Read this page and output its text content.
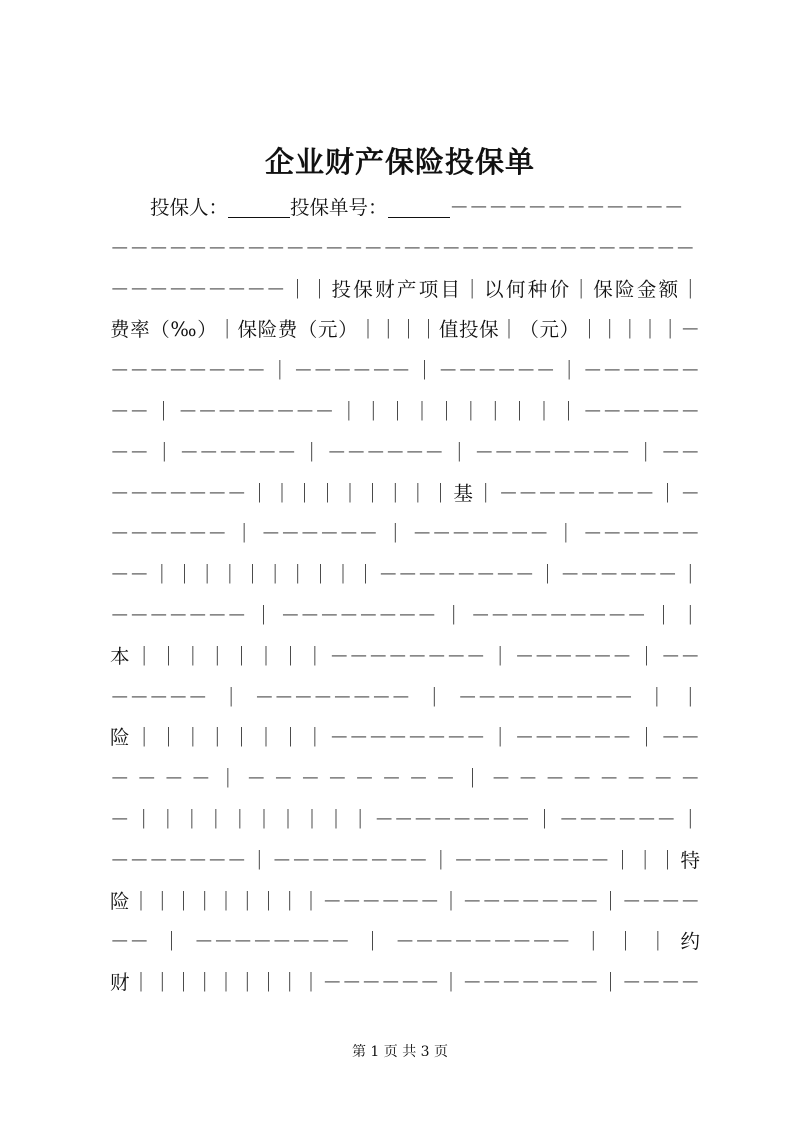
企业财产保险投保单
投保人：	投保单号：	－－－－－－－－－－－－
－－－－－－－－－－－－－－－－－－－－－－－－－－－－－－
－－－－－－－－－｜｜投保财产项目｜以何种价｜保险金额｜
费率（‰）｜保险费（元）｜｜｜｜值投保｜（元）｜｜｜｜｜－
－－－－－－－－｜－－－－－－｜－－－－－－｜－－－－－－
－－｜－－－－－－－－｜｜｜｜｜｜｜｜｜｜－－－－－－
－－｜－－－－－－｜－－－－－－｜－－－－－－－－｜－－
－－－－－－－｜｜｜｜｜｜｜｜｜基｜－－－－－－－－｜－
－－－－－－｜－－－－－－｜－－－－－－－｜－－－－－－
－－｜｜｜｜｜｜｜｜｜｜－－－－－－－－｜－－－－－－｜
－－－－－－－｜－－－－－－－－｜－－－－－－－－－｜｜
本｜｜｜｜｜｜｜｜－－－－－－－－｜－－－－－－｜－－
－－－－－｜－－－－－－－－｜－－－－－－－－－｜｜
险｜｜｜｜｜｜｜｜－－－－－－－－｜－－－－－－｜－－
－ － － － ｜ － － － － － － － － ｜ － － － － － － － －
－｜｜｜｜｜｜｜｜｜｜－－－－－－－－｜－－－－－－｜
－－－－－－－｜－－－－－－－－｜－－－－－－－－｜｜｜特
险｜｜｜｜｜｜｜｜｜－－－－－－｜－－－－－－－｜－－－－
－－｜－－－－－－－－｜－－－－－－－－－｜｜｜约
财｜｜｜｜｜｜｜｜｜－－－－－－｜－－－－－－－｜－－－－
第 1 页 共 3 页
